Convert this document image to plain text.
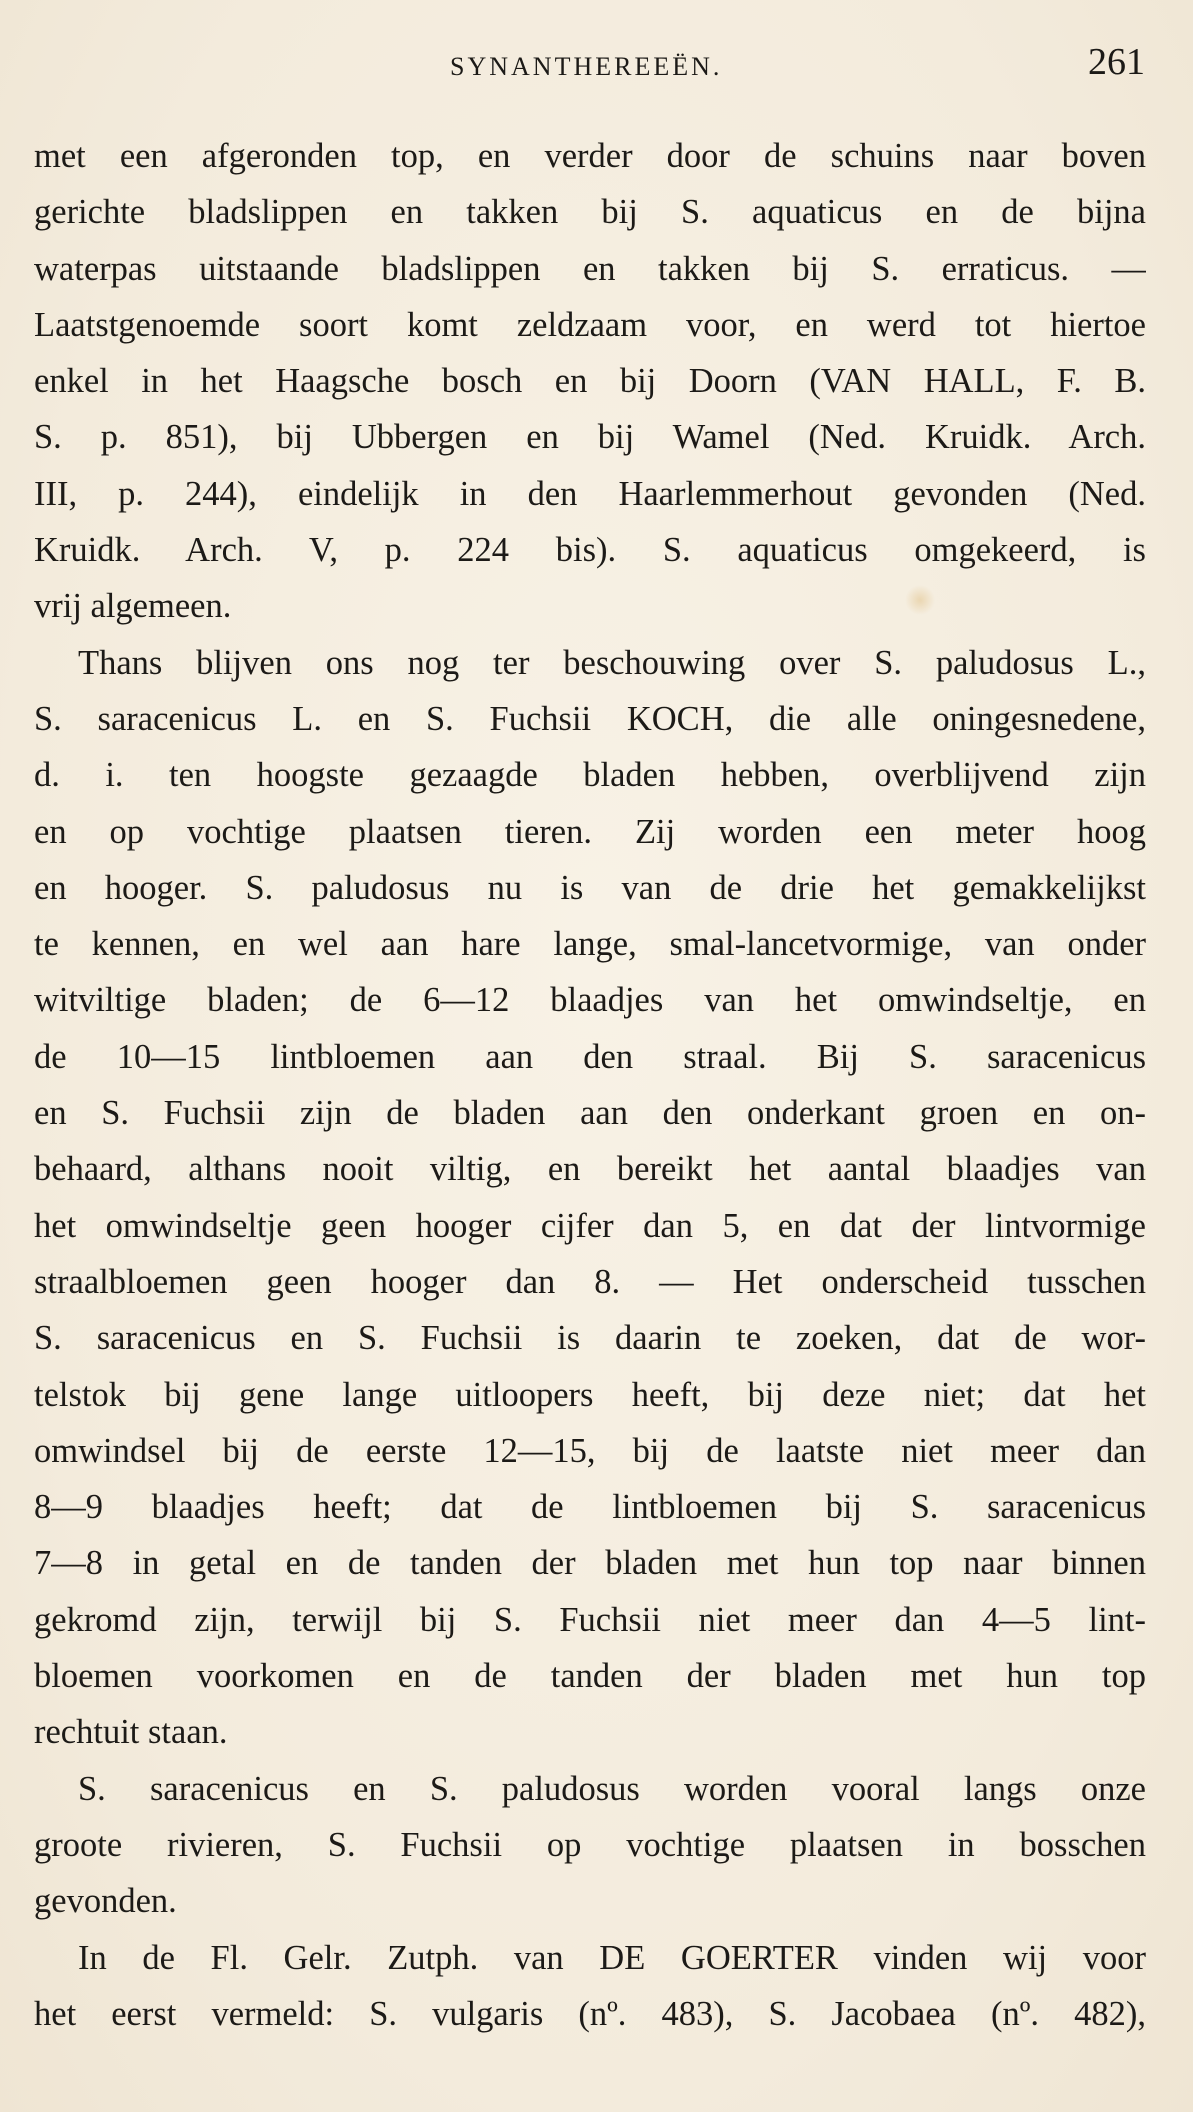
SYNANTHEREEËN.	261
met een afgeronden top, en verder door de schuins naar boven
gerichte bladslippen en takken bij S. aquaticus en de bijna
waterpas uitstaande bladslippen en takken bij S. erraticus. —
Laatstgenoemde soort komt zeldzaam voor, en werd tot hiertoe
enkel in het Haagsche bosch en bij Doorn (VAN HALL, F. B.
S. p. 851), bij Ubbergen en bij Wamel (Ned. Kruidk. Arch.
III, p. 244), eindelijk in den Haarlemmerhout gevonden (Ned.
Kruidk. Arch. V, p. 224 bis). S. aquaticus omgekeerd, is
vrij algemeen.
Thans blijven ons nog ter beschouwing over S. paludosus L.,
S. saracenicus L. en S. Fuchsii KOCH, die alle oningesnedene,
d. i. ten hoogste gezaagde bladen hebben, overblijvend zijn
en op vochtige plaatsen tieren. Zij worden een meter hoog
en hooger. S. paludosus nu is van de drie het gemakkelijkst
te kennen, en wel aan hare lange, smal-lancetvormige, van onder
witviltige bladen; de 6—12 blaadjes van het omwindseltje, en
de 10—15 lintbloemen aan den straal. Bij S. saracenicus
en S. Fuchsii zijn de bladen aan den onderkant groen en on-
behaard, althans nooit viltig, en bereikt het aantal blaadjes van
het omwindseltje geen hooger cijfer dan 5, en dat der lintvormige
straalbloemen geen hooger dan 8. — Het onderscheid tusschen
S. saracenicus en S. Fuchsii is daarin te zoeken, dat de wor-
telstok bij gene lange uitloopers heeft, bij deze niet; dat het
omwindsel bij de eerste 12—15, bij de laatste niet meer dan
8—9 blaadjes heeft; dat de lintbloemen bij S. saracenicus
7—8 in getal en de tanden der bladen met hun top naar binnen
gekromd zijn, terwijl bij S. Fuchsii niet meer dan 4—5 lint-
bloemen voorkomen en de tanden der bladen met hun top
rechtuit staan.
S. saracenicus en S. paludosus worden vooral langs onze
groote rivieren, S. Fuchsii op vochtige plaatsen in bosschen
gevonden.
In de Fl. Gelr. Zutph. van DE GOERTER vinden wij voor
het eerst vermeld: S. vulgaris (nº. 483), S. Jacobaea (nº. 482),
